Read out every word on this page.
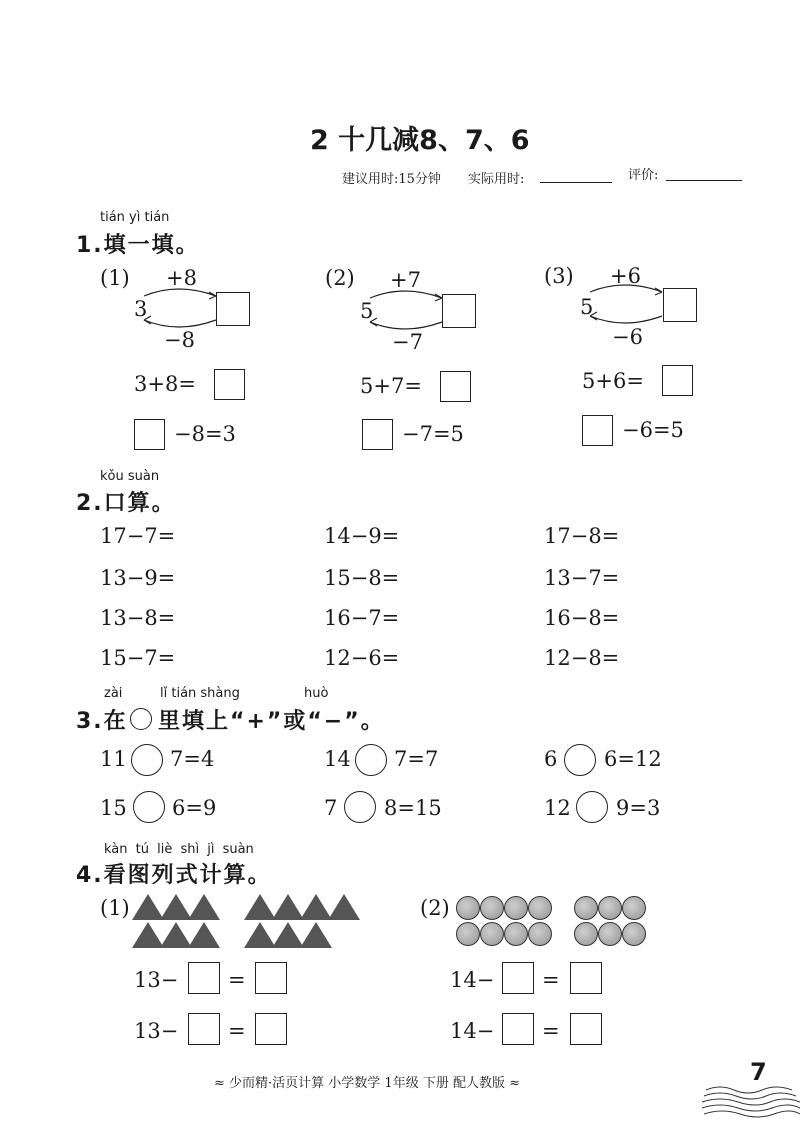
2 十几减8、7、6
建议用时:15分钟 实际用时:	评价:
tián yì tián
1.填一填。
(1) +8
3
−8
3+8=
−8=3
(2) +7
5
−7
5+7=
−7=5
(3) +6
5
−6
5+6=
−6=5
kǒu suàn
2.口算。
17−7=	14−9=	17−8=
13−9=	15−8=	13−7=
13−8=	16−7=	16−8=
15−7=	12−6=	12−8=
zài	lǐ tián shàng	huò
3.在 里填上“+”或“−”。
11 7=4	14 7=7	6 6=12
15 6=9	7 8=15	12 9=3
kàn tú liè shì jì suàn
4.看图列式计算。
(1)	(2)
13− =
13− =
14− =
14− =
≈ 少而精·活页计算 小学数学 1年级 下册 配人教版 ≈	7
